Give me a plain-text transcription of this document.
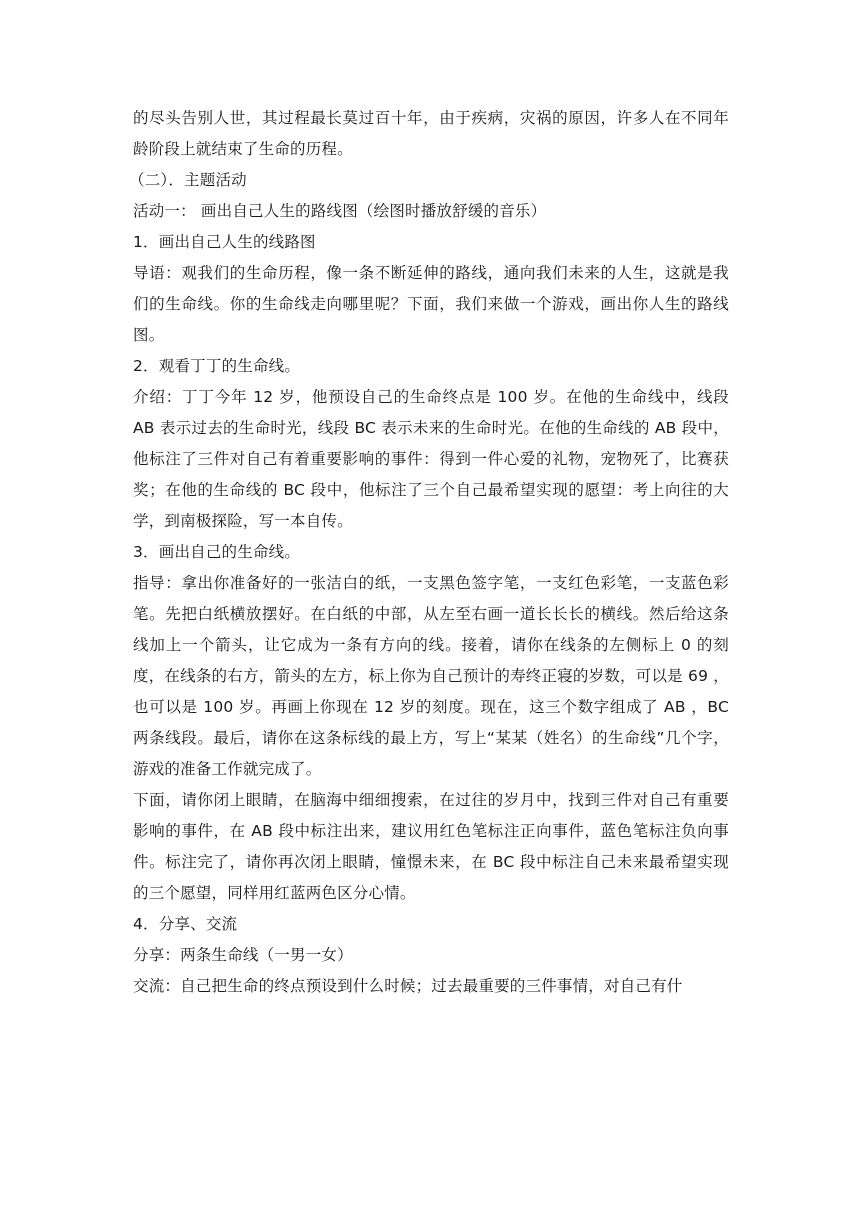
的尽头告别人世，其过程最长莫过百十年，由于疾病，灾祸的原因，许多人在不同年龄阶段上就结束了生命的历程。

（二）．主题活动

活动一： 画出自己人生的路线图（绘图时播放舒缓的音乐）

1．画出自己人生的线路图

导语：观我们的生命历程，像一条不断延伸的路线，通向我们未来的人生，这就是我们的生命线。你的生命线走向哪里呢？下面，我们来做一个游戏，画出你人生的路线图。

2．观看丁丁的生命线。

介绍：丁丁今年 12 岁，他预设自己的生命终点是 100 岁。在他的生命线中，线段 AB 表示过去的生命时光，线段 BC 表示未来的生命时光。在他的生命线的 AB 段中，他标注了三件对自己有着重要影响的事件：得到一件心爱的礼物，宠物死了，比赛获奖；在他的生命线的 BC 段中，他标注了三个自己最希望实现的愿望：考上向往的大学，到南极探险，写一本自传。

3．画出自己的生命线。

指导：拿出你准备好的一张洁白的纸，一支黑色签字笔，一支红色彩笔，一支蓝色彩笔。先把白纸横放摆好。在白纸的中部，从左至右画一道长长长的横线。然后给这条线加上一个箭头，让它成为一条有方向的线。接着，请你在线条的左侧标上 0 的刻度，在线条的右方，箭头的左方，标上你为自己预计的寿终正寝的岁数，可以是 69 ，也可以是 100 岁。再画上你现在 12 岁的刻度。现在，这三个数字组成了 AB ，BC 两条线段。最后，请你在这条标线的最上方，写上“某某（姓名）的生命线”几个字，游戏的准备工作就完成了。

下面，请你闭上眼睛，在脑海中细细搜索，在过往的岁月中，找到三件对自己有重要影响的事件，在 AB 段中标注出来，建议用红色笔标注正向事件，蓝色笔标注负向事件。标注完了，请你再次闭上眼睛，憧憬未来，在 BC 段中标注自己未来最希望实现的三个愿望，同样用红蓝两色区分心情。

4．分享、交流

分享：两条生命线（一男一女）

交流：自己把生命的终点预设到什么时候；过去最重要的三件事情，对自己有什
